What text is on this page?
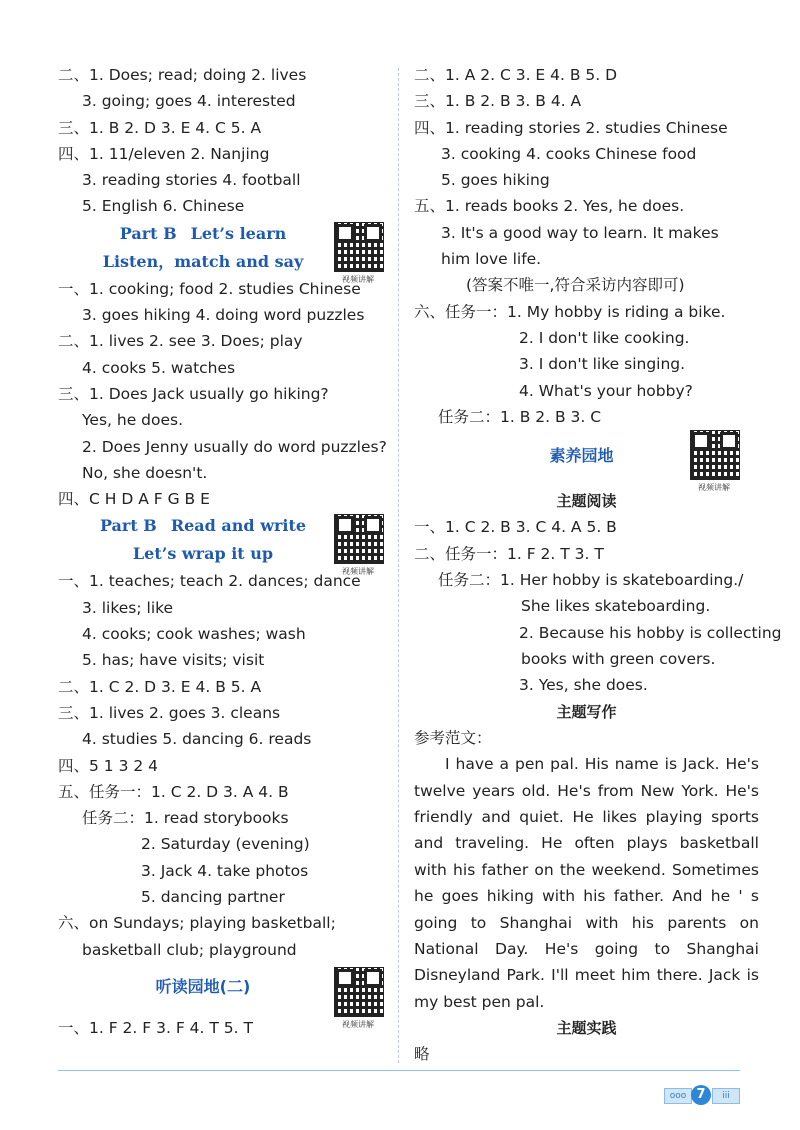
二、1. Does; read; doing 2. lives
3. going; goes 4. interested
三、1. B 2. D 3. E 4. C 5. A
四、1. 11/eleven 2. Nanjing
3. reading stories 4. football
5. English 6. Chinese
Part B Let’s learn
Listen，match and say
视频讲解
一、1. cooking; food 2. studies Chinese
3. goes hiking 4. doing word puzzles
二、1. lives 2. see 3. Does; play
4. cooks 5. watches
三、1. Does Jack usually go hiking?
Yes, he does.
2. Does Jenny usually do word puzzles?
No, she doesn't.
四、C H D A F G B E
Part B Read and write
Let’s wrap it up
视频讲解
一、1. teaches; teach 2. dances; dance
3. likes; like
4. cooks; cook washes; wash
5. has; have visits; visit
二、1. C 2. D 3. E 4. B 5. A
三、1. lives 2. goes 3. cleans
4. studies 5. dancing 6. reads
四、5 1 3 2 4
五、任务一：1. C 2. D 3. A 4. B
任务二：1. read storybooks
2. Saturday (evening)
3. Jack 4. take photos
5. dancing partner
六、on Sundays; playing basketball;
basketball club; playground
听读园地(二)
视频讲解
一、1. F 2. F 3. F 4. T 5. T
二、1. A 2. C 3. E 4. B 5. D
三、1. B 2. B 3. B 4. A
四、1. reading stories 2. studies Chinese
3. cooking 4. cooks Chinese food
5. goes hiking
五、1. reads books 2. Yes, he does.
3. It's a good way to learn. It makes
him love life.
(答案不唯一,符合采访内容即可)
六、任务一：1. My hobby is riding a bike.
2. I don't like cooking.
3. I don't like singing.
4. What's your hobby?
任务二：1. B 2. B 3. C
素养园地
视频讲解
主题阅读
一、1. C 2. B 3. C 4. A 5. B
二、任务一：1. F 2. T 3. T
任务二：1. Her hobby is skateboarding./
She likes skateboarding.
2. Because his hobby is collecting
books with green covers.
3. Yes, she does.
主题写作
参考范文：
I have a pen pal. His name is Jack. He's twelve years old. He's from New York. He's friendly and quiet. He likes playing sports and traveling. He often plays basketball with his father on the weekend. Sometimes he goes hiking with his father. And he ' s going to Shanghai with his parents on National Day. He's going to Shanghai Disneyland Park. I'll meet him there. Jack is my best pen pal.
主题实践
略
ooo 7	iii
